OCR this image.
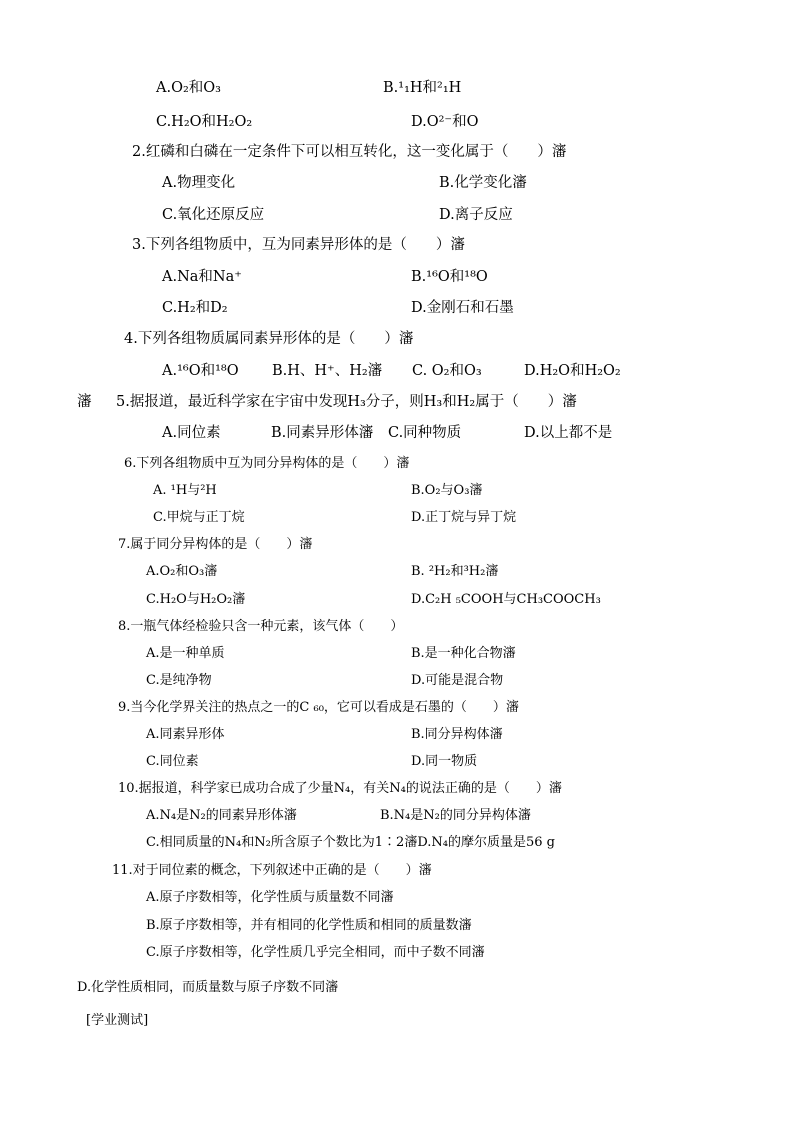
A.O₂和O₃	B.¹₁H和²₁H
C.H₂O和H₂O₂	D.O²⁻和O
2.红磷和白磷在一定条件下可以相互转化，这一变化属于（　　）瀋
A.物理变化	B.化学变化瀋
C.氧化还原反应	D.离子反应
3.下列各组物质中，互为同素异形体的是（　　）瀋
A.Na和Na⁺	B.¹⁶O和¹⁸O
C.H₂和D₂	D.金刚石和石墨
4.下列各组物质属同素异形体的是（　　）瀋
A.¹⁶O和¹⁸O B.H、H⁺、H₂瀋 C. O₂和O₃	D.H₂O和H₂O₂
瀋 5.据报道，最近科学家在宇宙中发现H₃分子，则H₃和H₂属于（　　）瀋
A.同位素	B.同素异形体瀋 C.同种物质	D.以上都不是
6.下列各组物质中互为同分异构体的是（　　）瀋
A. ¹H与²H	B.O₂与O₃瀋
C.甲烷与正丁烷	D.正丁烷与异丁烷
7.属于同分异构体的是（　　）瀋
A.O₂和O₃瀋	B. ²H₂和³H₂瀋
C.H₂O与H₂O₂瀋	D.C₂H ₅COOH与CH₃COOCH₃
8.一瓶气体经检验只含一种元素，该气体（　　）
A.是一种单质	B.是一种化合物瀋
C.是纯净物	D.可能是混合物
9.当今化学界关注的热点之一的C ₆₀，它可以看成是石墨的（　　）瀋
A.同素异形体	B.同分异构体瀋
C.同位素	D.同一物质
10.据报道，科学家已成功合成了少量N₄，有关N₄的说法正确的是（　　）瀋
A.N₄是N₂的同素异形体瀋	B.N₄是N₂的同分异构体瀋
C.相同质量的N₄和N₂所含原子个数比为1∶2瀋D.N₄的摩尔质量是56 g
11.对于同位素的概念，下列叙述中正确的是（　　）瀋
A.原子序数相等，化学性质与质量数不同瀋
B.原子序数相等，并有相同的化学性质和相同的质量数瀋
C.原子序数相等，化学性质几乎完全相同，而中子数不同瀋
D.化学性质相同，而质量数与原子序数不同瀋
[学业测试]
